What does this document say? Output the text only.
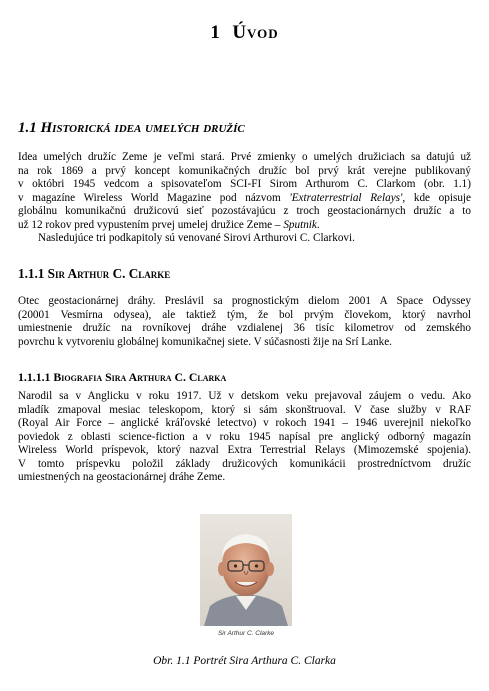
1 Úvod
1.1 Historická idea umelých družíc
Idea umelých družíc Zeme je veľmi stará. Prvé zmienky o umelých družiciach sa datujú už
na rok 1869 a prvý koncept komunikačných družíc bol prvý krát verejne publikovaný
v októbri 1945 vedcom a spisovateľom SCI-FI Sirom Arthurom C. Clarkom (obr. 1.1)
v magazíne Wireless World Magazine pod názvom 'Extraterrestrial Relays', kde opisuje
globálnu komunikačnú družicovú sieť pozostávajúcu z troch geostacionárnych družíc a to
už 12 rokov pred vypustením prvej umelej družice Zeme – Sputnik.
Nasledujúce tri podkapitoly sú venované Sirovi Arthurovi C. Clarkovi.
1.1.1 Sir Arthur C. Clarke
Otec geostacionárnej dráhy. Preslávil sa prognostickým dielom 2001 A Space Odyssey
(20001 Vesmírna odysea), ale taktiež tým, že bol prvým človekom, ktorý navrhol
umiestnenie družíc na rovníkovej dráhe vzdialenej 36 tisíc kilometrov od zemského
povrchu k vytvoreniu globálnej komunikačnej siete. V súčasnosti žije na Srí Lanke.
1.1.1.1 Biografia Sira Arthura C. Clarka
Narodil sa v Anglicku v roku 1917. Už v detskom veku prejavoval záujem o vedu. Ako
mladík zmapoval mesiac teleskopom, ktorý si sám skonštruoval. V čase služby v RAF
(Royal Air Force – anglické kráľovské letectvo) v rokoch 1941 – 1946 uverejnil niekoľko
poviedok z oblasti science-fiction a v roku 1945 napísal pre anglický odborný magazín
Wireless World príspevok, ktorý nazval Extra Terrestrial Relays (Mimozemské spojenia).
V tomto príspevku položil základy družicových komunikácii prostredníctvom družíc
umiestnených na geostacionárnej dráhe Zeme.
Sir Arthur C. Clarke
Obr. 1.1 Portrét Sira Arthura C. Clarka
